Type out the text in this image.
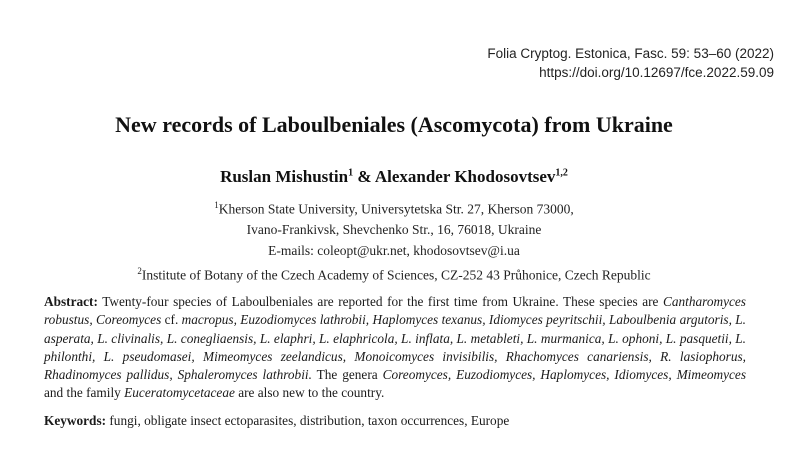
Folia Cryptog. Estonica, Fasc. 59: 53–60 (2022)
https://doi.org/10.12697/fce.2022.59.09
New records of Laboulbeniales (Ascomycota) from Ukraine
Ruslan Mishustin$^1$ & Alexander Khodosovtsev$^{1,2}$
$^1$Kherson State University, Universytetska Str. 27, Kherson 73000,
Ivano-Frankivsk, Shevchenko Str., 16, 76018, Ukraine
E-mails: coleopt@ukr.net, khodosovtsev@i.ua
$^2$Institute of Botany of the Czech Academy of Sciences, CZ-252 43 Průhonice, Czech Republic
Abstract: Twenty-four species of Laboulbeniales are reported for the first time from Ukraine. These species are Cantharomyces robustus, Coreomyces cf. macropus, Euzodiomyces lathrobii, Haplomyces texanus, Idiomyces peyritschii, Laboulbenia argutoris, L. asperata, L. clivinalis, L. conegliaensis, L. elaphri, L. elaphricola, L. inflata, L. metableti, L. murmanica, L. ophoni, L. pasquetii, L. philonthi, L. pseudomasei, Mimeomyces zeelandicus, Monoicomyces invisibilis, Rhachomyces canariensis, R. lasiophorus, Rhadinomyces pallidus, Sphaleromyces lathrobii. The genera Coreomyces, Euzodiomyces, Haplomyces, Idiomyces, Mimeomyces and the family Euceratomycetaceae are also new to the country.
Keywords: fungi, obligate insect ectoparasites, distribution, taxon occurrences, Europe
